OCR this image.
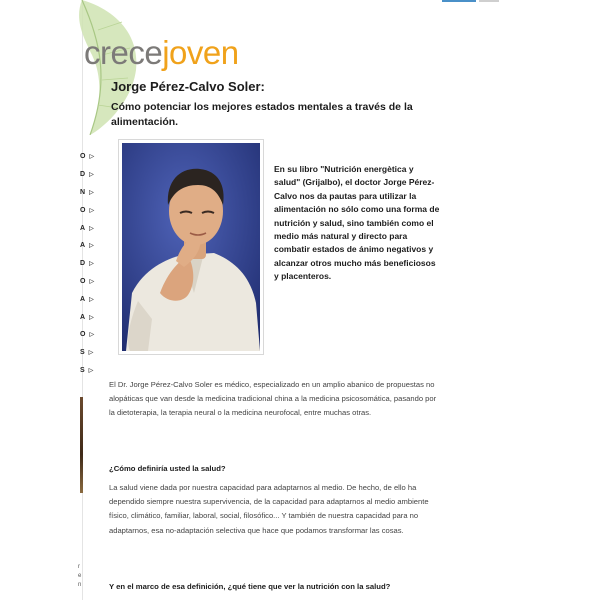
O ▷
D ▷
N ▷
O ▷
A ▷
A ▷
D ▷
O ▷
A ▷
A ▷
O ▷
S ▷
S ▷
r
e
n
crecejoven
Jorge Pérez-Calvo Soler:
Cómo potenciar los mejores estados mentales a través de la alimentación.

En su libro "Nutrición energètica y salud" (Grijalbo), el doctor Jorge Pérez-Calvo nos da pautas para utilizar la alimentación no sólo como una forma de nutrición y salud, sino también como el medio más natural y directo para combatir estados de ánimo negativos y alcanzar otros mucho más beneficiosos y placenteros.

El Dr. Jorge Pérez-Calvo Soler es médico, especializado en un amplio abanico de propuestas no alopáticas que van desde la medicina tradicional china a la medicina psicosomática, pasando por la dietoterapia, la terapia neural o la medicina neurofocal, entre muchas otras.

¿Cómo definiría usted la salud?

La salud viene dada por nuestra capacidad para adaptarnos al medio. De hecho, de ello ha dependido siempre nuestra supervivencia, de la capacidad para adaptarnos al medio ambiente físico, climático, familiar, laboral, social, filosófico... Y también de nuestra capacidad para no adaptarnos, esa no-adaptación selectiva que hace que podamos transformar las cosas.

Y en el marco de esa definición, ¿qué tiene que ver la nutrición con la salud?
